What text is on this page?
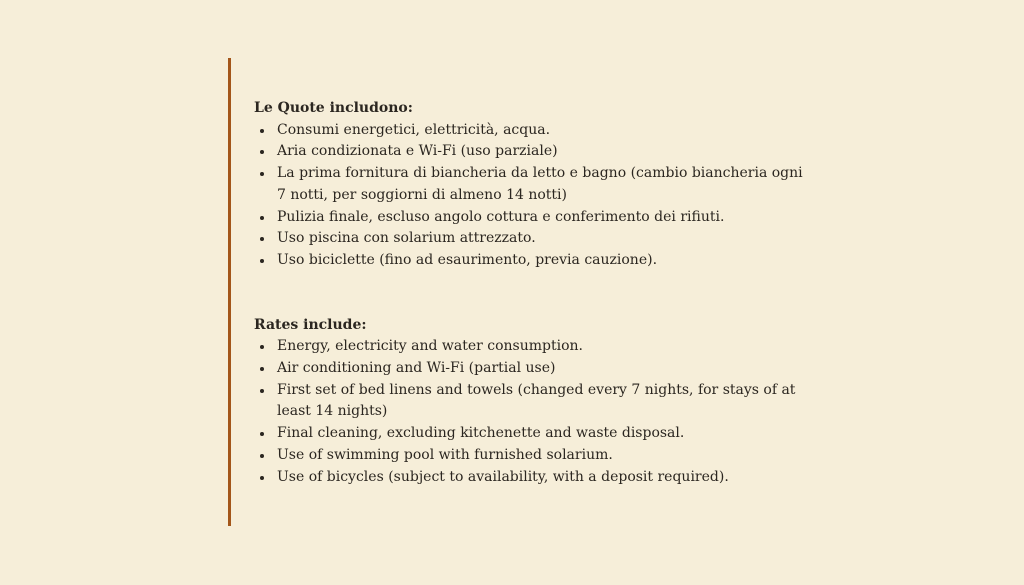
Le Quote includono:

Consumi energetici, elettricità, acqua.
Aria condizionata e Wi-Fi (uso parziale)
La prima fornitura di biancheria da letto e bagno (cambio biancheria ogni 7 notti, per soggiorni di almeno 14 notti)
Pulizia finale, escluso angolo cottura e conferimento dei rifiuti.
Uso piscina con solarium attrezzato.
Uso biciclette (fino ad esaurimento, previa cauzione).

Rates include:

Energy, electricity and water consumption.
Air conditioning and Wi-Fi (partial use)
First set of bed linens and towels (changed every 7 nights, for stays of at least 14 nights)
Final cleaning, excluding kitchenette and waste disposal.
Use of swimming pool with furnished solarium.
Use of bicycles (subject to availability, with a deposit required).
